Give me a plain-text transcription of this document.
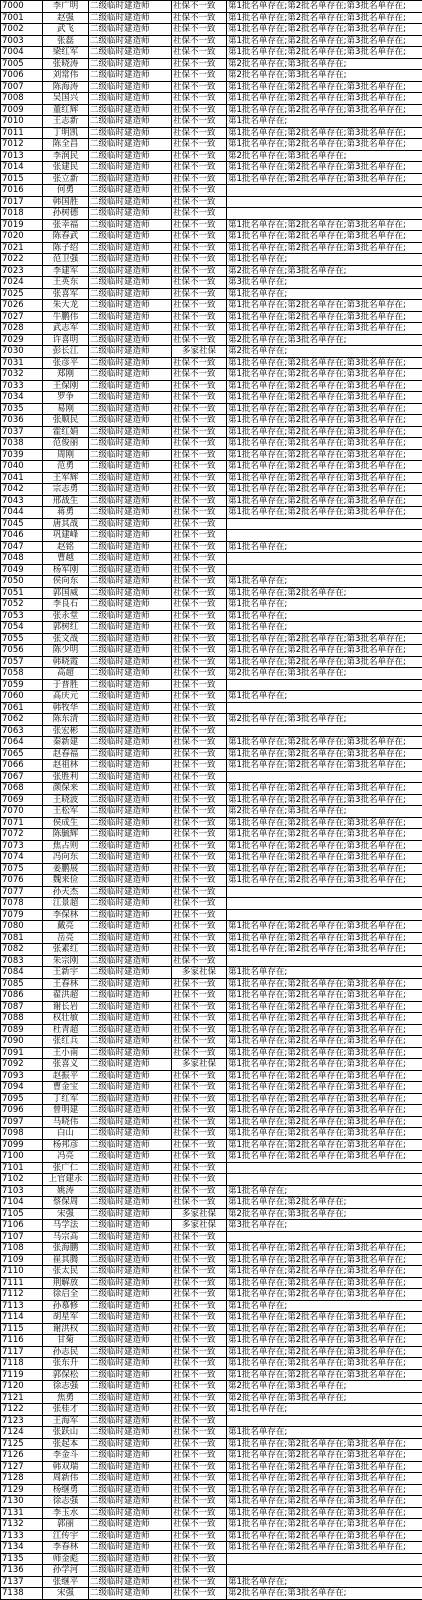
7000	李广明	二级临时建造师	社保不一致	第1批名单存在;第2批名单存在;第3批名单存在;
7001	赵强	二级临时建造师	社保不一致	第1批名单存在;第2批名单存在;第3批名单存在;
7002	武飞	二级临时建造师	社保不一致	第1批名单存在;第2批名单存在;第3批名单存在;
7003	张磊	二级临时建造师	社保不一致	第1批名单存在;第2批名单存在;第3批名单存在;
7004	梁红军	二级临时建造师	社保不一致	第1批名单存在;第2批名单存在;第3批名单存在;
7005	张晓涛	二级临时建造师	社保不一致	第2批名单存在;第3批名单存在;
7006	刘常伟	二级临时建造师	社保不一致	第2批名单存在;第3批名单存在;
7007	陈海涛	二级临时建造师	社保不一致	第1批名单存在;第2批名单存在;第3批名单存在;
7008	吴国兴	二级临时建造师	社保不一致	第1批名单存在;第2批名单存在;第3批名单存在;
7009	董红辉	二级临时建造师	社保不一致	第1批名单存在;第2批名单存在;第3批名单存在;
7010	王志新	二级临时建造师	社保不一致	第1批名单存在;
7011	丁明凯	二级临时建造师	社保不一致	第1批名单存在;第2批名单存在;第3批名单存在;
7012	陈全昌	二级临时建造师	社保不一致	第1批名单存在;第2批名单存在;第3批名单存在;
7013	李润民	二级临时建造师	社保不一致	第2批名单存在;第3批名单存在;
7014	张建民	二级临时建造师	社保不一致	第1批名单存在;第2批名单存在;第3批名单存在;
7015	张立新	二级临时建造师	社保不一致	第1批名单存在;第2批名单存在;第3批名单存在;
7016	何勇	二级临时建造师	社保不一致	
7017	韩国胜	二级临时建造师	社保不一致	
7018	孙树德	二级临时建造师	社保不一致	
7019	张幸福	二级临时建造师	社保不一致	第1批名单存在;第2批名单存在;第3批名单存在;
7020	陈春武	二级临时建造师	社保不一致	第1批名单存在;第2批名单存在;第3批名单存在;
7021	陈子绍	二级临时建造师	社保不一致	第1批名单存在;第2批名单存在;第3批名单存在;
7022	范卫强	二级临时建造师	社保不一致	第1批名单存在;
7023	李建军	二级临时建造师	社保不一致	第2批名单存在;第3批名单存在;
7024	王英东	二级临时建造师	社保不一致	第3批名单存在;
7025	张喜军	二级临时建造师	社保不一致	第1批名单存在;
7026	朱大龙	二级临时建造师	社保不一致	第1批名单存在;第2批名单存在;第3批名单存在;
7027	牛鹏伟	二级临时建造师	社保不一致	第1批名单存在;第2批名单存在;第3批名单存在;
7028	武志军	二级临时建造师	社保不一致	第1批名单存在;第2批名单存在;第3批名单存在;
7029	许喜明	二级临时建造师	社保不一致	第2批名单存在;第3批名单存在;
7030	彭长江	二级临时建造师	多家社保	第2批名单存在;
7031	张彦平	二级临时建造师	社保不一致	第1批名单存在;第2批名单存在;第3批名单存在;
7032	郑刚	二级临时建造师	社保不一致	第1批名单存在;第2批名单存在;第3批名单存在;
7033	王保刚	二级临时建造师	社保不一致	第1批名单存在;第2批名单存在;第3批名单存在;
7034	罗争	二级临时建造师	社保不一致	第1批名单存在;第2批名单存在;第3批名单存在;
7035	易刚	二级临时建造师	社保不一致	第1批名单存在;第2批名单存在;第3批名单存在;
7036	张顺民	二级临时建造师	社保不一致	第1批名单存在;第2批名单存在;第3批名单存在;
7037	霍红娟	二级临时建造师	社保不一致	第1批名单存在;第2批名单存在;第3批名单存在;
7038	范俊丽	二级临时建造师	社保不一致	第1批名单存在;第2批名单存在;第3批名单存在;
7039	周刚	二级临时建造师	社保不一致	第1批名单存在;第2批名单存在;第3批名单存在;
7040	范勇	二级临时建造师	社保不一致	第1批名单存在;第2批名单存在;第3批名单存在;
7041	王军辉	二级临时建造师	社保不一致	第1批名单存在;第2批名单存在;第3批名单存在;
7042	宗志勇	二级临时建造师	社保不一致	第1批名单存在;第2批名单存在;第3批名单存在;
7043	邢战生	二级临时建造师	社保不一致	第1批名单存在;第2批名单存在;第3批名单存在;
7044	蒋勇	二级临时建造师	社保不一致	第1批名单存在;第2批名单存在;第3批名单存在;
7045	唐其战	二级临时建造师	社保不一致	
7046	巩建峰	二级临时建造师	社保不一致	
7047	赵铭	二级临时建造师	社保不一致	第1批名单存在;
7048	曹越	二级临时建造师	社保不一致	
7049	杨军刚	二级临时建造师	社保不一致	
7050	侯向东	二级临时建造师	社保不一致	第1批名单存在;
7051	郭国威	二级临时建造师	社保不一致	第1批名单存在;第2批名单存在;
7052	李良石	二级临时建造师	社保不一致	第1批名单存在;
7053	张永堂	二级临时建造师	社保不一致	第1批名单存在;
7054	郭树红	二级临时建造师	社保不一致	第1批名单存在;
7055	张文战	二级临时建造师	社保不一致	第1批名单存在;第2批名单存在;第3批名单存在;
7056	陈少明	二级临时建造师	社保不一致	第1批名单存在;第2批名单存在;第3批名单存在;
7057	韩晓霞	二级临时建造师	社保不一致	第1批名单存在;第2批名单存在;第3批名单存在;
7058	高超	二级临时建造师	社保不一致	第2批名单存在;第3批名单存在;
7059	于普胜	二级临时建造师	社保不一致	
7060	高庆元	二级临时建造师	社保不一致	第1批名单存在;
7061	韩牧华	二级临时建造师	社保不一致	
7062	陈东清	二级临时建造师	社保不一致	第2批名单存在;第3批名单存在;
7063	张宏彬	二级临时建造师	社保不一致	
7064	秦新建	二级临时建造师	社保不一致	第1批名单存在;第2批名单存在;第3批名单存在;
7065	赵春福	二级临时建造师	社保不一致	第1批名单存在;第2批名单存在;第3批名单存在;
7066	赵祖林	二级临时建造师	社保不一致	第1批名单存在;第2批名单存在;第3批名单存在;
7067	张胜利	二级临时建造师	社保不一致	
7068	颜保来	二级临时建造师	社保不一致	第1批名单存在;第2批名单存在;第3批名单存在;
7069	王晓波	二级临时建造师	社保不一致	第1批名单存在;第2批名单存在;第3批名单存在;
7070	王松军	二级临时建造师	社保不一致	第2批名单存在;第3批名单存在;
7071	侯成生	二级临时建造师	社保不一致	第1批名单存在;第2批名单存在;第3批名单存在;
7072	陈毓辉	二级临时建造师	社保不一致	第1批名单存在;第2批名单存在;第3批名单存在;
7073	焦占则	二级临时建造师	社保不一致	第1批名单存在;第2批名单存在;第3批名单存在;
7074	冯向东	二级临时建造师	社保不一致	第1批名单存在;第2批名单存在;第3批名单存在;
7075	姜鹏展	二级临时建造师	社保不一致	第1批名单存在;第2批名单存在;第3批名单存在;
7076	魏来俭	二级临时建造师	社保不一致	第1批名单存在;第2批名单存在;第3批名单存在;
7077	孙天杰	二级临时建造师	社保不一致	
7078	江景超	二级临时建造师	社保不一致	
7079	李保林	二级临时建造师	社保不一致	
7080	戴亮	二级临时建造师	社保不一致	第1批名单存在;第2批名单存在;第3批名单存在;
7081	岳亮	二级临时建造师	社保不一致	第1批名单存在;第2批名单存在;第3批名单存在;
7082	张素红	二级临时建造师	社保不一致	第1批名单存在;第2批名单存在;第3批名单存在;
7083	朱宗刚	二级临时建造师	社保不一致	
7084	王新宇	二级临时建造师	多家社保	第1批名单存在;
7085	王春林	二级临时建造师	社保不一致	第1批名单存在;第2批名单存在;第3批名单存在;
7086	翟洪超	二级临时建造师	社保不一致	第1批名单存在;第2批名单存在;第3批名单存在;
7087	谢长岩	二级临时建造师	社保不一致	第1批名单存在;第2批名单存在;第3批名单存在;
7088	权壮敏	二级临时建造师	社保不一致	第1批名单存在;第2批名单存在;第3批名单存在;
7089	杜青超	二级临时建造师	社保不一致	第1批名单存在;第2批名单存在;第3批名单存在;
7090	张红兵	二级临时建造师	社保不一致	第1批名单存在;第2批名单存在;第3批名单存在;
7091	王小南	二级临时建造师	社保不一致	第1批名单存在;第2批名单存在;第3批名单存在;
7092	张喜义	二级临时建造师	多家社保	第1批名单存在;第2批名单存在;第3批名单存在;
7093	赵振平	二级临时建造师	社保不一致	第1批名单存在;第2批名单存在;第3批名单存在;
7094	曹金宝	二级临时建造师	社保不一致	第1批名单存在;第2批名单存在;第3批名单存在;
7095	丁红军	二级临时建造师	社保不一致	第1批名单存在;第2批名单存在;第3批名单存在;
7096	曾明建	二级临时建造师	社保不一致	第1批名单存在;第2批名单存在;第3批名单存在;
7097	马晓伟	二级临时建造师	社保不一致	第1批名单存在;第2批名单存在;第3批名单存在;
7098	白山	二级临时建造师	社保不一致	第1批名单存在;第2批名单存在;第3批名单存在;
7099	杨邦彦	二级临时建造师	社保不一致	第1批名单存在;第2批名单存在;第3批名单存在;
7100	冯亮	二级临时建造师	社保不一致	第1批名单存在;第2批名单存在;第3批名单存在;
7101	张广仁	二级临时建造师	社保不一致	
7102	上官建永	二级临时建造师	社保不一致	
7103	姚涛	二级临时建造师	社保不一致	第1批名单存在;
7104	蔡保周	二级临时建造师	社保不一致	第1批名单存在;第2批名单存在;
7105	宋强	二级临时建造师	多家社保	第2批名单存在;第3批名单存在;
7106	马学法	二级临时建造师	多家社保	第3批名单存在;
7107	马宗高	二级临时建造师	社保不一致	
7108	张海鹏	二级临时建造师	社保不一致	第1批名单存在;第2批名单存在;第3批名单存在;
7109	崔其腾	二级临时建造师	社保不一致	第1批名单存在;第2批名单存在;第3批名单存在;
7110	张太民	二级临时建造师	社保不一致	第1批名单存在;第2批名单存在;第3批名单存在;
7111	荆解放	二级临时建造师	社保不一致	第1批名单存在;第2批名单存在;第3批名单存在;
7112	徐启全	二级临时建造师	社保不一致	第1批名单存在;第2批名单存在;第3批名单存在;
7113	孙慕修	二级临时建造师	社保不一致	第1批名单存在;
7114	胡星军	二级临时建造师	社保不一致	第1批名单存在;第2批名单存在;第3批名单存在;
7115	谢洪权	二级临时建造师	社保不一致	第1批名单存在;第2批名单存在;第3批名单存在;
7116	甘菊	二级临时建造师	社保不一致	第1批名单存在;第2批名单存在;第3批名单存在;
7117	孙志民	二级临时建造师	社保不一致	第1批名单存在;第2批名单存在;第3批名单存在;
7118	张东升	二级临时建造师	社保不一致	第1批名单存在;第2批名单存在;第3批名单存在;
7119	郭保松	二级临时建造师	社保不一致	第1批名单存在;第2批名单存在;第3批名单存在;
7120	徐志强	二级临时建造师	社保不一致	第2批名单存在;第3批名单存在;
7121	焦勇	二级临时建造师	社保不一致	第2批名单存在;第3批名单存在;
7122	张桂才	二级临时建造师	社保不一致	第1批名单存在;
7123	王海军	二级临时建造师	社保不一致	
7124	张跃山	二级临时建造师	社保不一致	第1批名单存在;
7125	张起本	二级临时建造师	社保不一致	第1批名单存在;第2批名单存在;第3批名单存在;
7126	李金斗	二级临时建造师	社保不一致	第1批名单存在;第2批名单存在;第3批名单存在;
7127	韩双瑞	二级临时建造师	社保不一致	第1批名单存在;第2批名单存在;第3批名单存在;
7128	周新伟	二级临时建造师	社保不一致	第1批名单存在;第2批名单存在;第3批名单存在;
7129	杨继勇	二级临时建造师	社保不一致	第1批名单存在;第2批名单存在;第3批名单存在;
7130	徐志强	二级临时建造师	社保不一致	第1批名单存在;第2批名单存在;第3批名单存在;
7131	李玉水	二级临时建造师	社保不一致	第1批名单存在;第2批名单存在;第3批名单存在;
7132	郭丽	二级临时建造师	社保不一致	第1批名单存在;第2批名单存在;第3批名单存在;
7133	江传宇	二级临时建造师	社保不一致	第1批名单存在;第2批名单存在;第3批名单存在;
7134	李春林	二级临时建造师	社保不一致	第1批名单存在;第2批名单存在;第3批名单存在;
7135	师金彪	二级临时建造师	社保不一致	
7136	孙学河	二级临时建造师	社保不一致	
7137	张继平	二级临时建造师	社保不一致	第1批名单存在;
7138	宋强	二级临时建造师	社保不一致	第2批名单存在;第3批名单存在;
